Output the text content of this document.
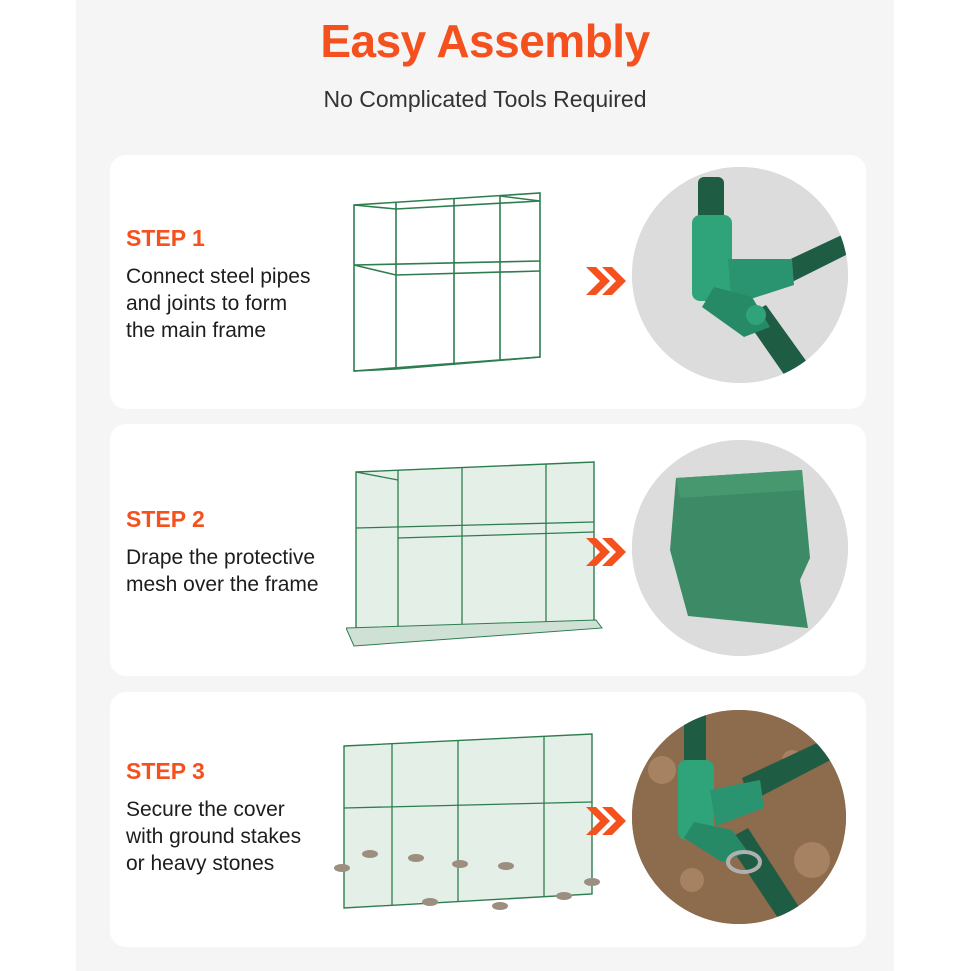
Easy Assembly
No Complicated Tools Required
STEP 1
Connect steel pipes
and joints to form
the main frame
STEP 2
Drape the protective
mesh over the frame
STEP 3
Secure the cover
with ground stakes
or heavy stones
